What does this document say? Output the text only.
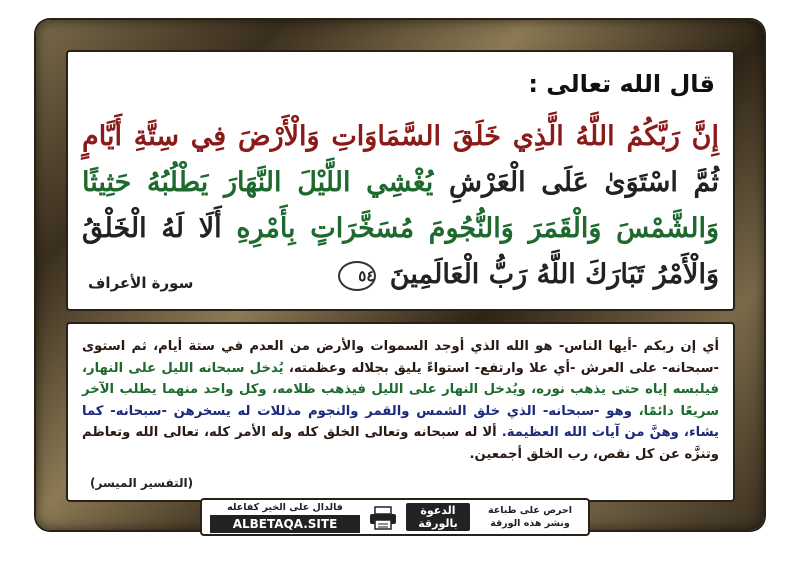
قال الله تعالى :

إِنَّ رَبَّكُمُ اللَّهُ الَّذِي خَلَقَ السَّمَاوَاتِ وَالْأَرْضَ فِي سِتَّةِ أَيَّامٍ ثُمَّ اسْتَوَىٰ عَلَى الْعَرْشِ يُغْشِي اللَّيْلَ النَّهَارَ يَطْلُبُهُ حَثِيثًا وَالشَّمْسَ وَالْقَمَرَ وَالنُّجُومَ مُسَخَّرَاتٍ بِأَمْرِهِ أَلَا لَهُ الْخَلْقُ وَالْأَمْرُ تَبَارَكَ اللَّهُ رَبُّ الْعَالَمِينَ ٥٤

سورة الأعراف

أي إن ربكم -أيها الناس- هو الله الذي أوجد السموات والأرض من العدم في ستة أيام، ثم استوى -سبحانه- على العرش -أي علا وارتفع- استواءً يليق بجلاله وعظمته، يُدخل سبحانه الليل على النهار، فيلبسه إياه حتى يذهب نوره، ويُدخل النهار على الليل فيذهب ظلامه، وكل واحد منهما يطلب الآخر سريعًا دائمًا، وهو -سبحانه- الذي خلق الشمس والقمر والنجوم مذللات له يسخرهن -سبحانه- كما يشاء، وهنَّ من آيات الله العظيمة. ألا له سبحانه وتعالى الخلق كله وله الأمر كله، تعالى الله وتعاظم وتنزَّه عن كل نقص، رب الخلق أجمعين.

(التفسير الميسر)
احرص على طباعة ونشر هذه الورقة
الدعوة بالورقة
فالدال على الخير كفاعله
ALBETAQA.SITE
